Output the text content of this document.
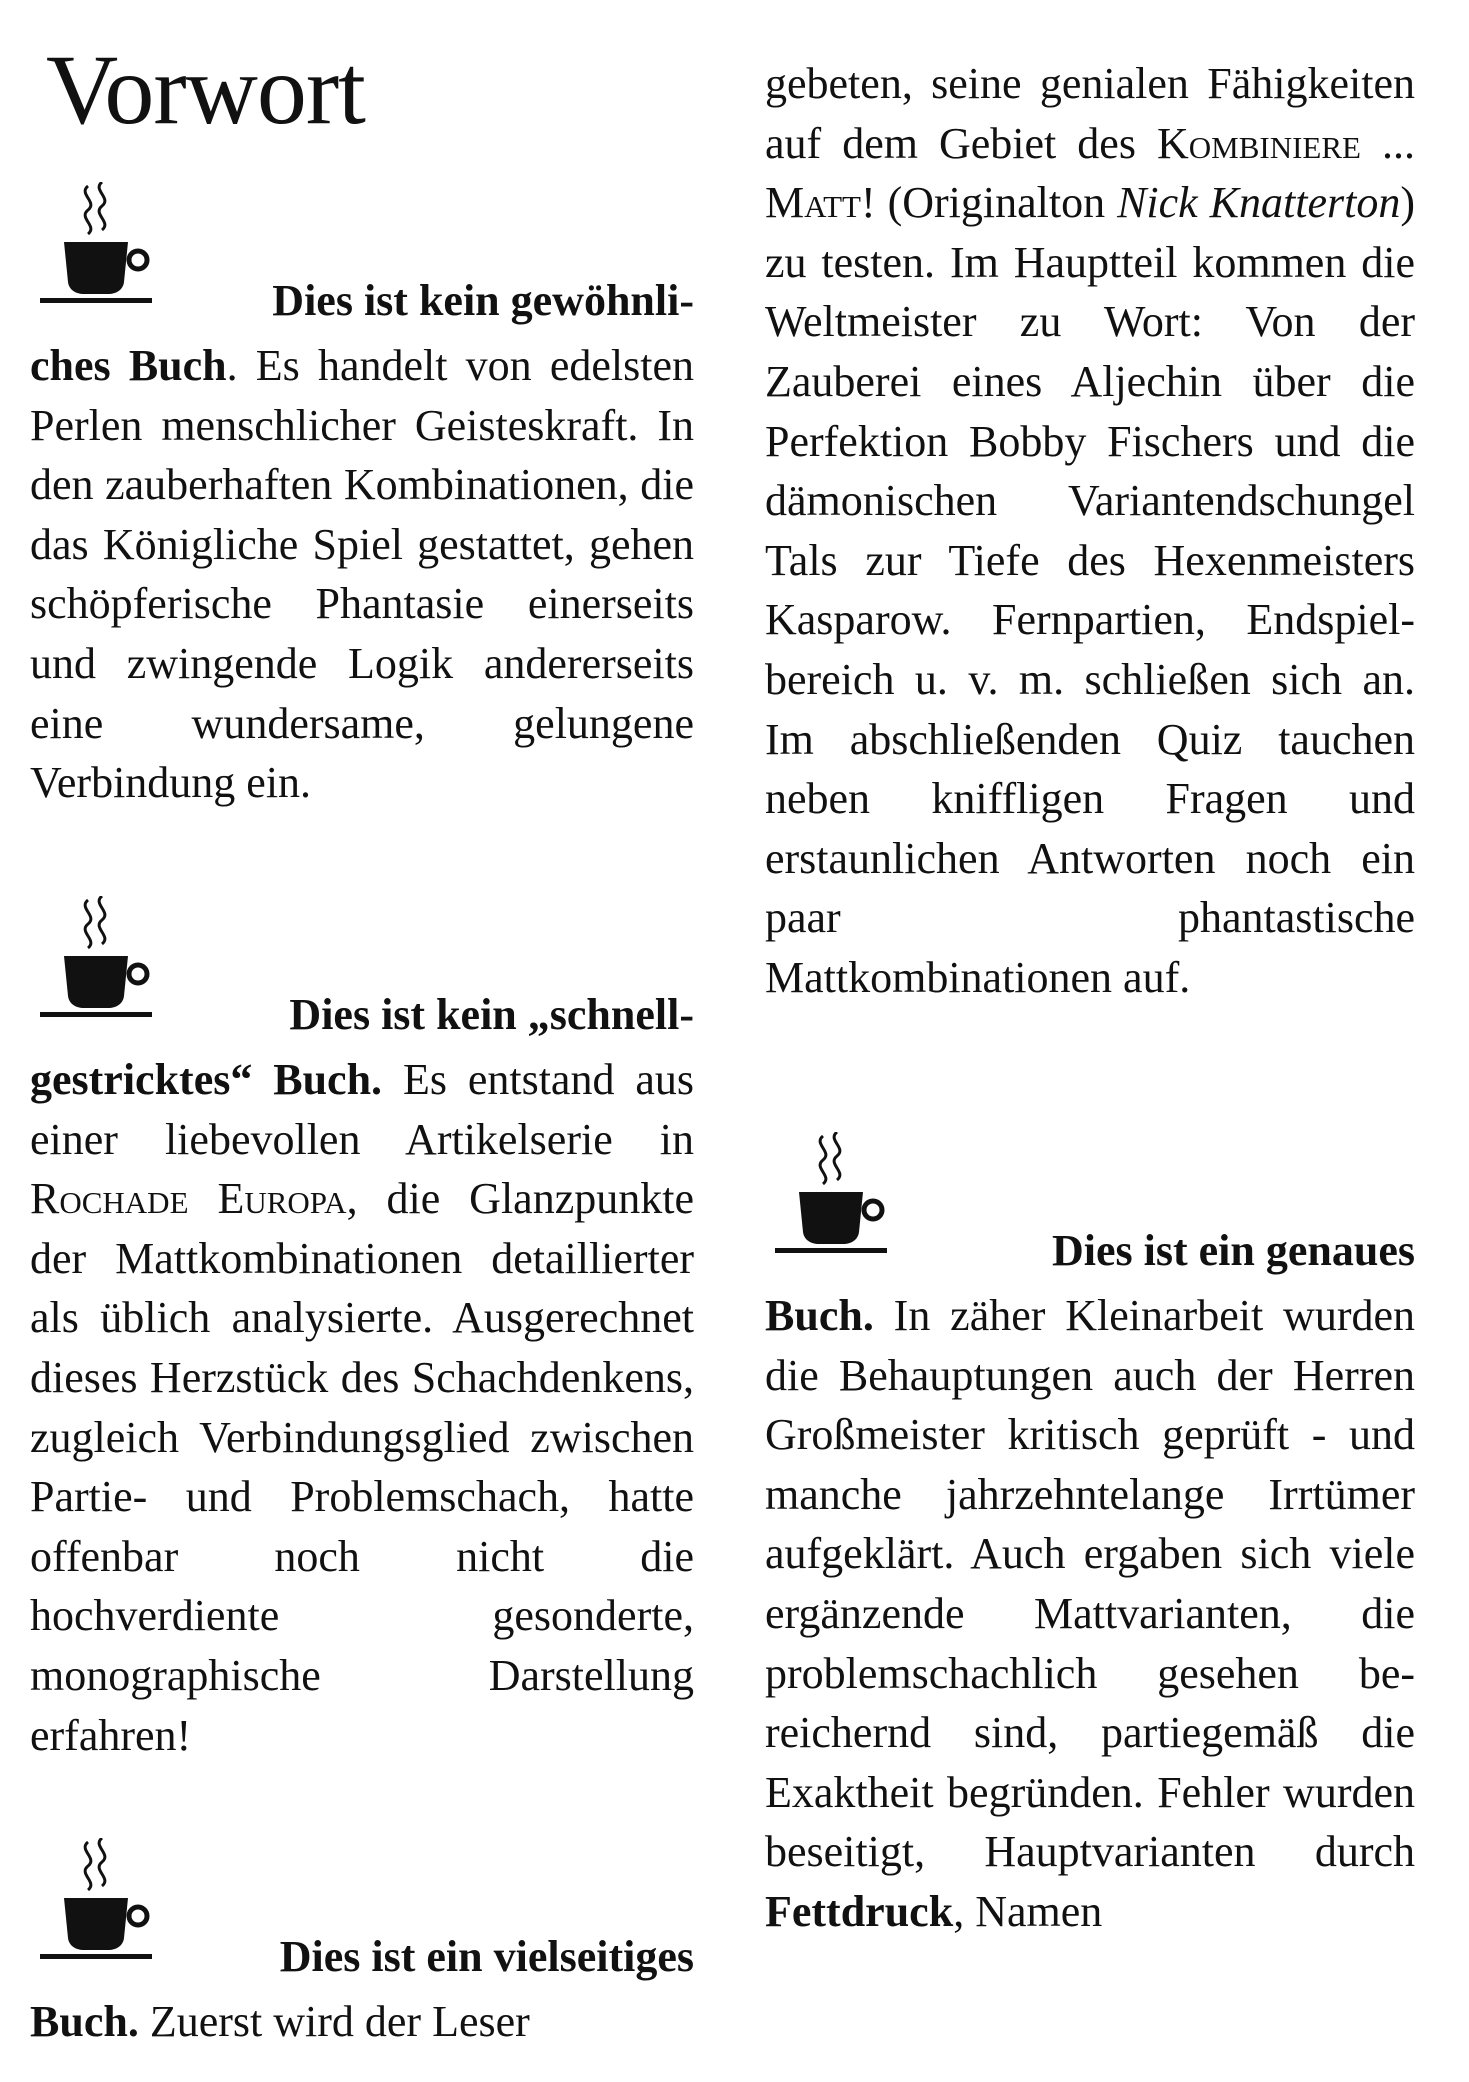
Vorwort

Dies ist kein gewöhnli-
ches Buch. Es handelt von edelsten Perlen menschlicher Geisteskraft. In den zauberhaften Kombinationen, die das Königliche Spiel gestattet, gehen schöpferische Phantasie einerseits und zwingende Logik andererseits eine wundersame, gelungene Verbindung ein.

Dies ist kein „schnell-
gestricktes“ Buch. Es entstand aus einer liebevollen Artikelserie in Rochade Europa, die Glanzpunkte der Mattkombinationen detaillierter als üblich analysierte. Ausgerechnet dieses Herzstück des Schachdenkens, zugleich Verbindungsglied zwischen Partie- und Problemschach, hatte offenbar noch nicht die hochverdiente gesonderte, monographische Darstellung erfahren!

Dies ist ein vielseitiges
Buch. Zuerst wird der Leser

gebeten, seine genialen Fähigkeiten auf dem Gebiet des Kombiniere ... Matt! (Originalton Nick Knatterton) zu testen. Im Hauptteil kommen die Weltmeister zu Wort: Von der Zauberei eines Aljechin über die Perfektion Bobby Fischers und die dämonischen Variantendschungel Tals zur Tiefe des Hexenmeisters Kasparow. Fernpartien, Endspielbereich u. v. m. schließen sich an. Im abschließenden Quiz tauchen neben kniffligen Fragen und erstaunlichen Antworten noch ein paar phantastische Mattkombinationen auf.

Dies ist ein genaues
Buch. In zäher Kleinarbeit wurden die Behauptungen auch der Herren Großmeister kritisch geprüft - und manche jahrzehntelange Irrtümer aufgeklärt. Auch ergaben sich viele ergänzende Mattvarianten, die problemschachlich gesehen bereichernd sind, partiegemäß die Exaktheit begründen. Fehler wurden beseitigt, Hauptvarianten durch Fettdruck, Namen
